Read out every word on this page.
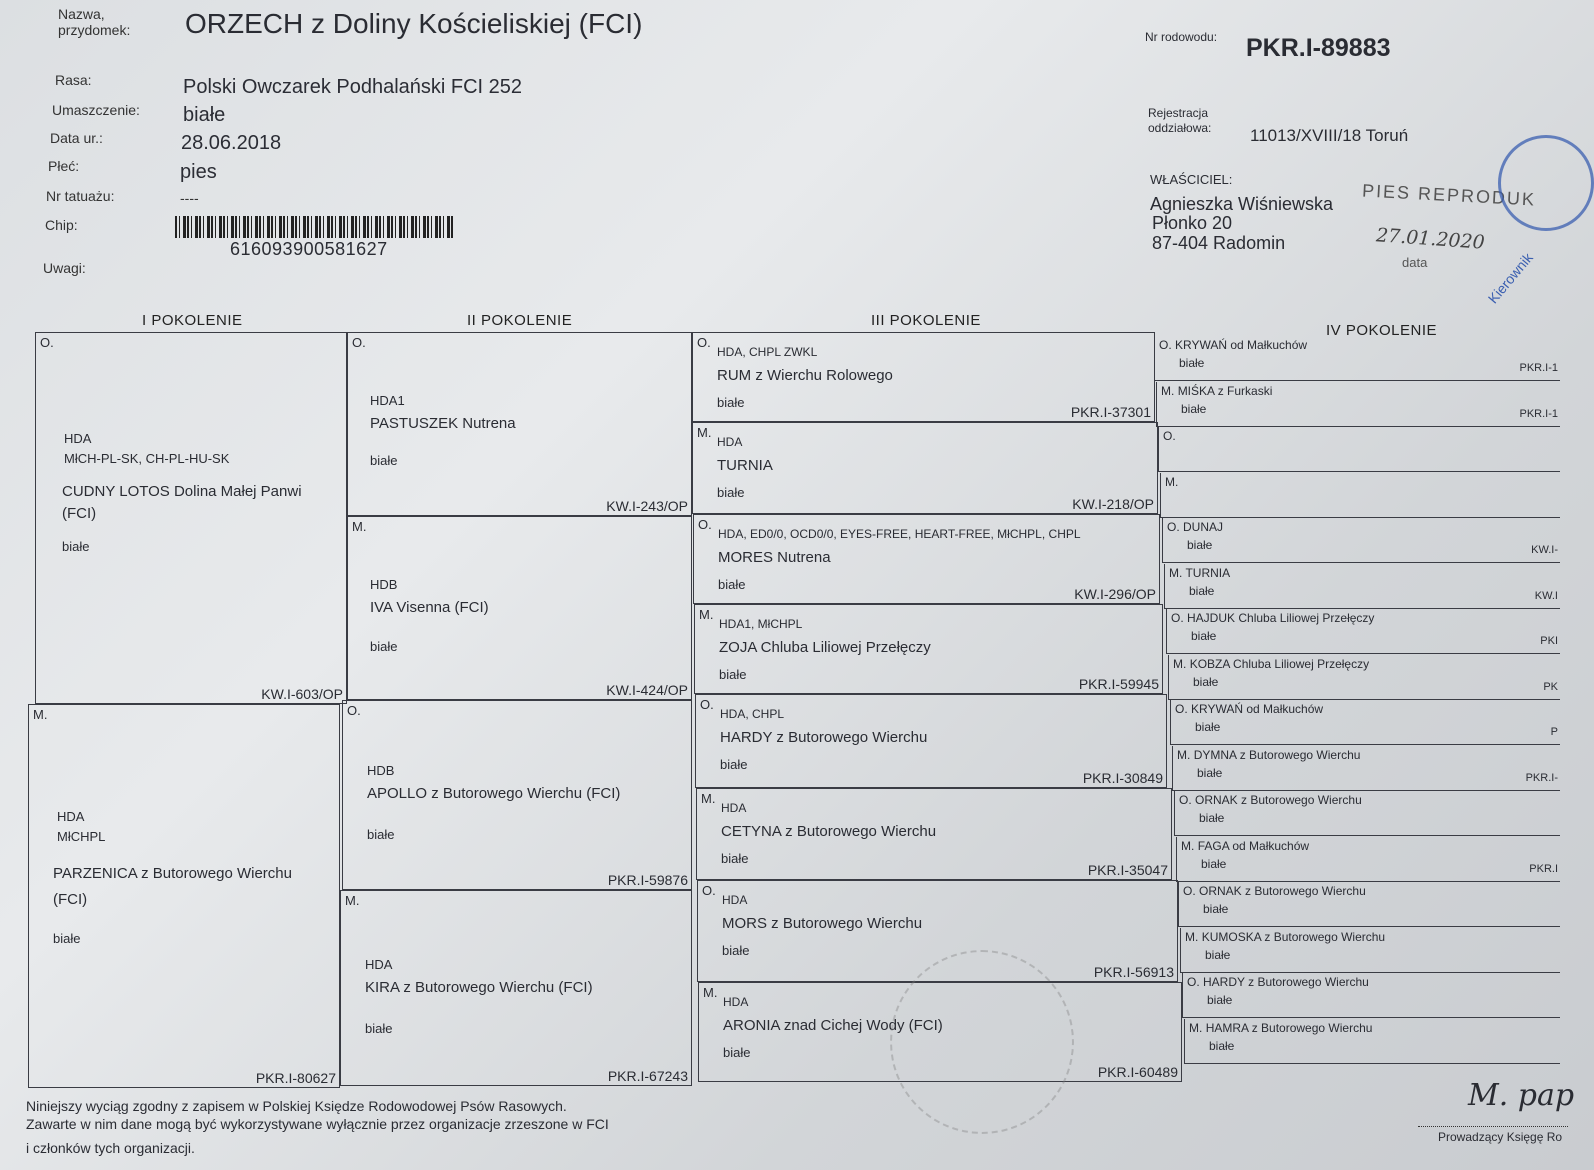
Nazwa,
przydomek: ORZECH z Doliny Kościeliskiej (FCI)
Rasa:	Polski Owczarek Podhalański FCI 252
Umaszczenie: białe
Data ur.:	28.06.2018
Płeć:	pies
Nr tatuażu:	----
Chip:
616093900581627
Uwagi:
Nr rodowodu: PKR.I-89883
Rejestracja
oddziałowa: 11013/XVIII/18 Toruń
WŁAŚCICIEL:
Agnieszka Wiśniewska
Płonko 20
87-404 Radomin
PIES REPRODUK
27.01.2020
data	Kierownik
I POKOLENIE	II POKOLENIE	III POKOLENIE
IV POKOLENIE
O.
HDA
MłCH-PL-SK, CH-PL-HU-SK
CUDNY LOTOS Dolina Małej Panwi
(FCI)
białe
KW.I-603/OP
M.
HDA
MłCHPL
PARZENICA z Butorowego Wierchu
(FCI)
białe
PKR.I-80627
O.
HDA1
PASTUSZEK Nutrena
białe
KW.I-243/OP
M.
HDB
IVA Visenna (FCI)
białe
KW.I-424/OP
O.
HDB
APOLLO z Butorowego Wierchu (FCI)
białe
PKR.I-59876
M.
HDA
KIRA z Butorowego Wierchu (FCI)
białe
PKR.I-67243
O.
HDA, CHPL ZWKL
RUM z Wierchu Rolowego
białe
PKR.I-37301
M.
HDA
TURNIA
białe
KW.I-218/OP
O.
HDA, ED0/0, OCD0/0, EYES-FREE, HEART-FREE, MłCHPL, CHPL
MORES Nutrena
białe
KW.I-296/OP
M.
HDA1, MłCHPL
ZOJA Chluba Liliowej Przełęczy
białe
PKR.I-59945
O.
HDA, CHPL
HARDY z Butorowego Wierchu
białe
PKR.I-30849
M.
HDA
CETYNA z Butorowego Wierchu
białe
PKR.I-35047
O.
HDA
MORS z Butorowego Wierchu
białe
PKR.I-56913
M.
HDA
ARONIA znad Cichej Wody (FCI)
białe
PKR.I-60489
O. KRYWAŃ od Małkuchów
białe	PKR.I-1
M. MIŚKA z Furkaski
białe	PKR.I-1
O.
M.
O. DUNAJ
białe	KW.I-
M. TURNIA
białe	KW.I
O. HAJDUK Chluba Liliowej Przełęczy
białe	PKI
M. KOBZA Chluba Liliowej Przełęczy
białe	PK
O. KRYWAŃ od Małkuchów
białe	P
M. DYMNA z Butorowego Wierchu
białe	PKR.I-
O. ORNAK z Butorowego Wierchu
białe
M. FAGA od Małkuchów
białe	PKR.I
O. ORNAK z Butorowego Wierchu
białe
M. KUMOSKA z Butorowego Wierchu
białe
O. HARDY z Butorowego Wierchu
białe
M. HAMRA z Butorowego Wierchu
białe
Niniejszy wyciąg zgodny z zapisem w Polskiej Księdze Rodowodowej Psów Rasowych.
Zawarte w nim dane mogą być wykorzystywane wyłącznie przez organizacje zrzeszone w FCI
i członków tych organizacji.
M. pap
Prowadzący Księgę Ro
